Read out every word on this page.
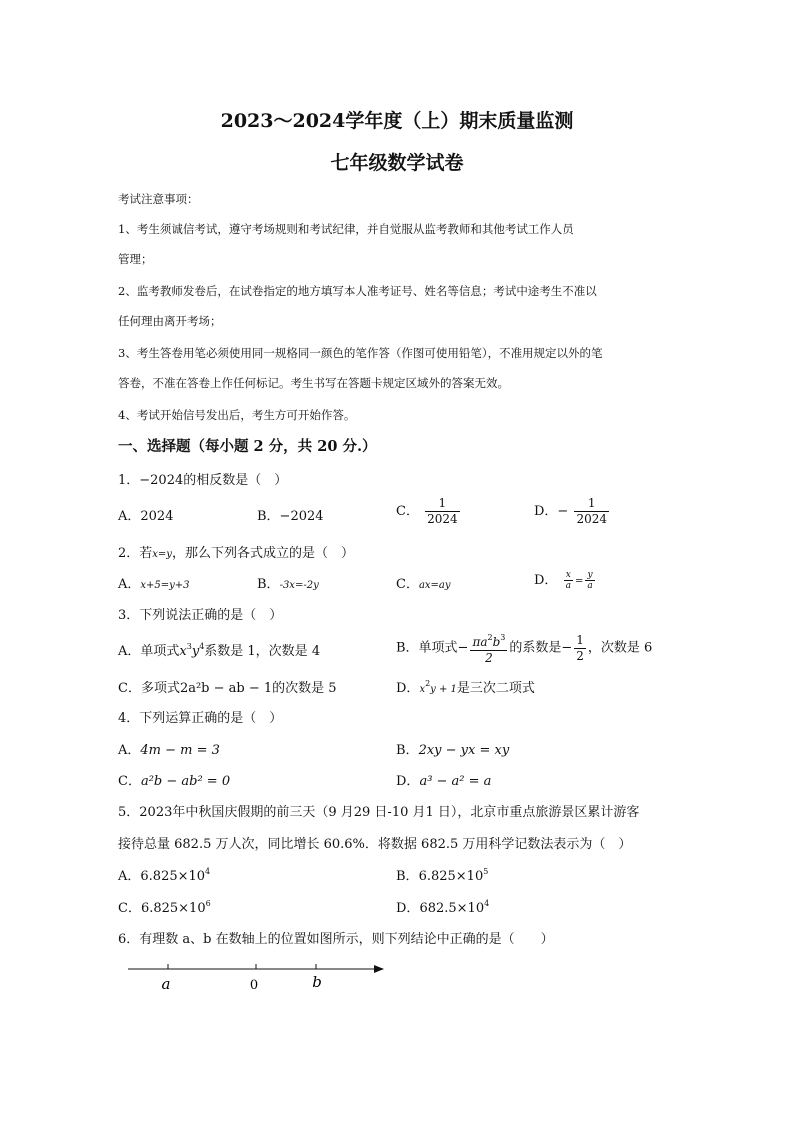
2023～2024学年度（上）期末质量监测
七年级数学试卷
考试注意事项：
1、考生须诚信考试，遵守考场规则和考试纪律，并自觉服从监考教师和其他考试工作人员
管理；
2、监考教师发卷后，在试卷指定的地方填写本人准考证号、姓名等信息；考试中途考生不准以
任何理由离开考场；
3、考生答卷用笔必须使用同一规格同一颜色的笔作答（作图可使用铅笔），不准用规定以外的笔
答卷，不准在答卷上作任何标记。考生书写在答题卡规定区域外的答案无效。
4、考试开始信号发出后，考生方可开始作答。
一、选择题（每小题 2 分，共 20 分.）
1．−2024的相反数是（　）
A．2024	B．−2024	C． $\frac{1}{2024}$	D．− $\frac{1}{2024}$
2．若x=y，那么下列各式成立的是（　）
A．x+5=y+3	B．-3x=-2y	C．ax=ay	D． $\frac{x}{a} = \frac{y}{a}$
3．下列说法正确的是（　）
A．单项式$x^3y^4$系数是 1，次数是 4	B．单项式− $\frac{\pi a^2b^3}{2}$ 的系数是− $\frac{1}{2}$ ，次数是 6
C．多项式2a²b − ab − 1的次数是 5	D．$x^2y + 1$是三次二项式
4．下列运算正确的是（　）
A．4m − m = 3	B．2xy − yx = xy
C．a²b − ab² = 0	D．a³ − a² = a
5．2023年中秋国庆假期的前三天（9 月29 日-10 月1 日），北京市重点旅游景区累计游客
接待总量 682.5 万人次，同比增长 60.6%．将数据 682.5 万用科学记数法表示为（　）
A．$6.825\times 10^4$	B．$6.825\times 10^5$
C．$6.825\times 10^6$	D．$682.5\times 10^4$
6．有理数 a、b 在数轴上的位置如图所示，则下列结论中正确的是（　　）
a	0	b
